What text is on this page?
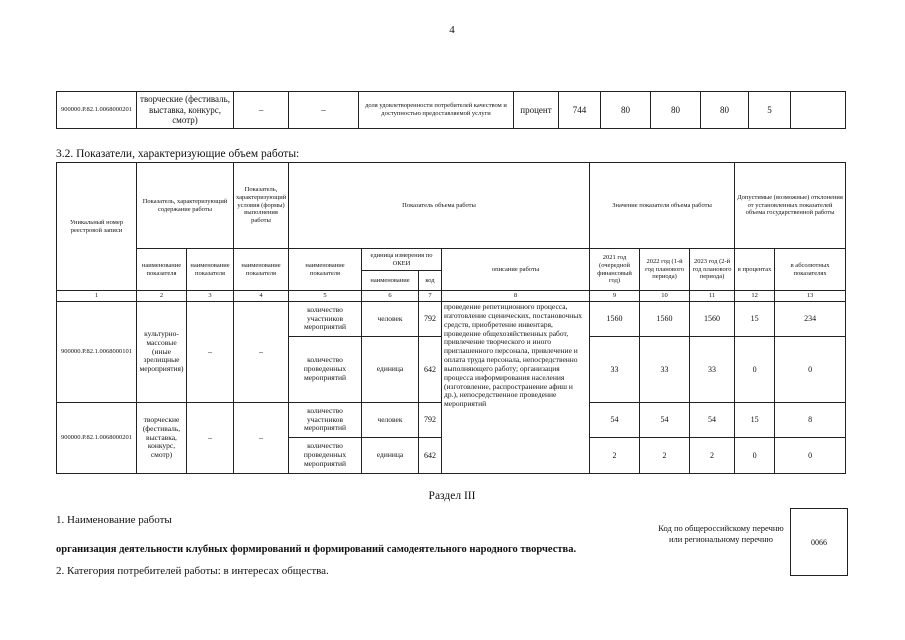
4
900000.Р.82.1.0068000201	творческие (фестиваль, выставка, конкурс, смотр)	–	–	доля удовлетворенности потребителей качеством и доступностью предоставляемой услуги	процент	744	80	80	80	5	
3.2. Показатели, характеризующие объем работы:
Уникальный номер реестровой записи	Показатель, характеризующий содержание работы		Показатель, характеризующий условия (формы) выполнения работы	Показатель объема работы				Значение показателя объема работы			Допустимые (возможные) отклонения от установленных показателей объема государственной работы	
	наименование показателя	наименование показателя	наименование показателя	наименование показателя	единица измерения по ОКЕИ		описание работы	2021 год (очередной финансовый год)	2022 год (1-й год планового периода)	2023 год (2-й год планового периода)	в процентах	в абсолютных показателях
					наименование	код						
1	2	3	4	5	6	7	8	9	10	11	12	13
900000.Р.82.1.0068000101	культурно-массовые (иные зрелищные мероприятия)	–	–	количество участников мероприятий	человек	792	проведение репетиционного процесса, изготовление сценических, постановочных средств, приобретение инвентаря, проведение общехозяйственных работ, привлечение творческого и иного приглашенного персонала, привлечение и оплата труда персонала, непосредственно выполняющего работу; организация процесса информирования населения (изготовление, распространение афиш и др.), непосредственное проведение мероприятий	1560	1560	1560	15	234
				количество проведенных мероприятий	единица	642		33	33	33	0	0
900000.Р.82.1.0068000201	творческие (фестиваль, выставка, конкурс, смотр)	–	–	количество участников мероприятий	человек	792		54	54	54	15	8
				количество проведенных мероприятий	единица	642		2	2	2	0	0
Раздел III
1. Наименование работы
организация деятельности клубных формирований и формирований самодеятельного народного творчества.
2. Категория потребителей работы: в интересах общества.
Код по общероссийскому перечню или региональному перечню	0066
